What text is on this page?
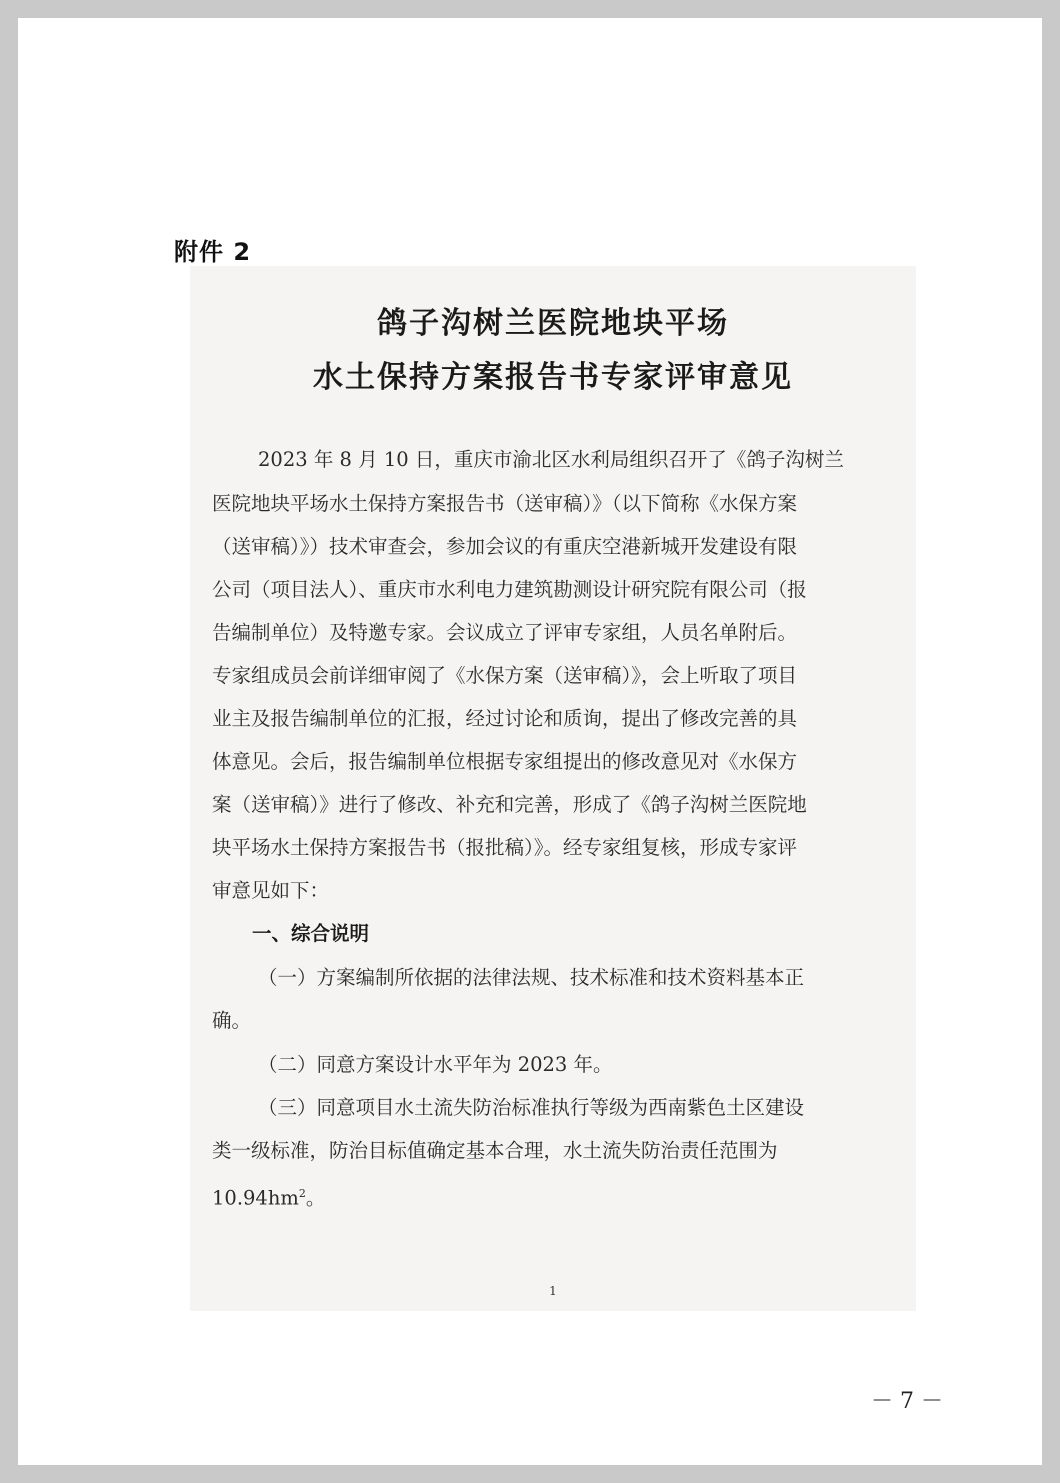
附件 2
鸽子沟树兰医院地块平场
水土保持方案报告书专家评审意见
2023 年 8 月 10 日，重庆市渝北区水利局组织召开了《鸽子沟树兰
医院地块平场水土保持方案报告书（送审稿）》（以下简称《水保方案
（送审稿）》）技术审查会，参加会议的有重庆空港新城开发建设有限
公司（项目法人）、重庆市水利电力建筑勘测设计研究院有限公司（报
告编制单位）及特邀专家。会议成立了评审专家组，人员名单附后。
专家组成员会前详细审阅了《水保方案（送审稿）》，会上听取了项目
业主及报告编制单位的汇报，经过讨论和质询，提出了修改完善的具
体意见。会后，报告编制单位根据专家组提出的修改意见对《水保方
案（送审稿）》进行了修改、补充和完善，形成了《鸽子沟树兰医院地
块平场水土保持方案报告书（报批稿）》。经专家组复核，形成专家评
审意见如下：
一、综合说明
（一）方案编制所依据的法律法规、技术标准和技术资料基本正
确。
（二）同意方案设计水平年为 2023 年。
（三）同意项目水土流失防治标准执行等级为西南紫色土区建设
类一级标准，防治目标值确定基本合理，水土流失防治责任范围为
$10.94hm^2$。
1
－ 7 －
